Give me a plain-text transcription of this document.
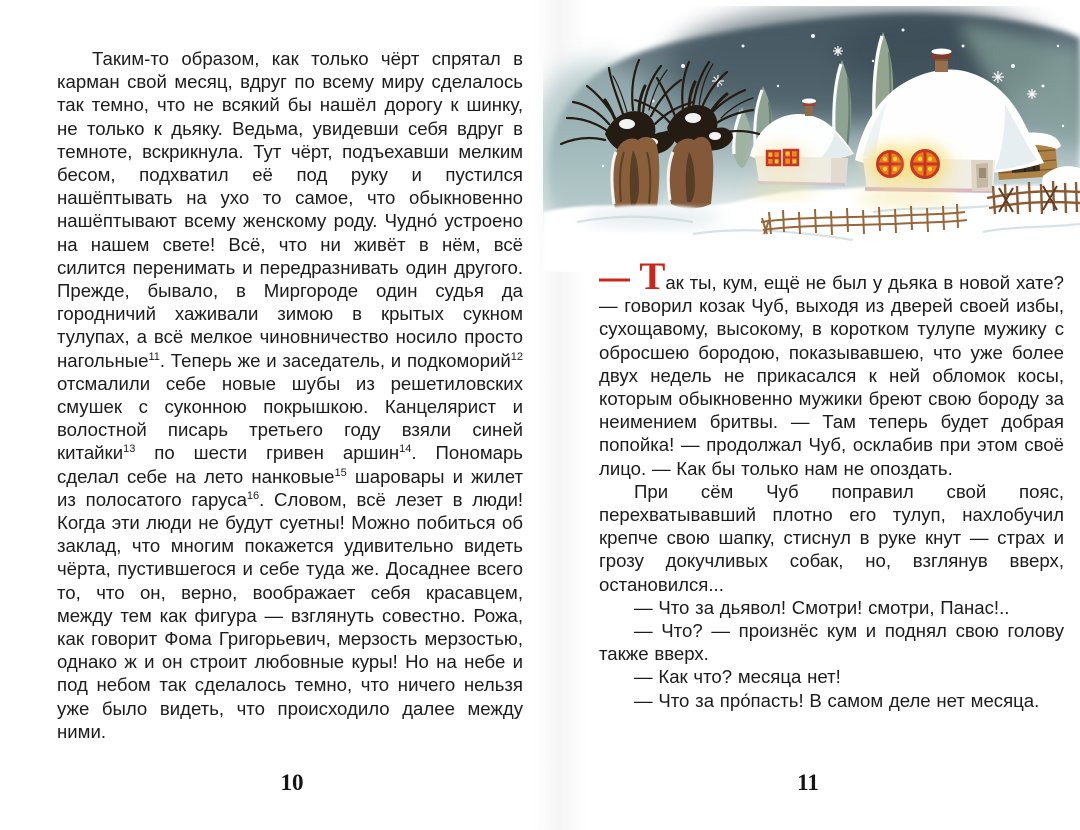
Таким-то образом, как только чёрт спрятал в карман свой месяц, вдруг по всему миру сделалось так темно, что не всякий бы нашёл дорогу к шинку, не только к дьяку. Ведьма, увидевши себя вдруг в темноте, вскрикнула. Тут чёрт, подъехавши мелким бесом, подхватил её под руку и пустился нашёптывать на ухо то самое, что обыкновенно нашёптывают всему женскому роду. Чудно́ устроено на нашем свете! Всё, что ни живёт в нём, всё силится перенимать и передразнивать один другого. Прежде, бывало, в Миргороде один судья да городничий хаживали зимою в крытых сукном тулупах, а всё мелкое чиновничество носило просто нагольные$^{11}$. Теперь же и заседатель, и подкоморий$^{12}$ отсмалили себе новые шубы из решетиловских смушек с суконною покрышкою. Канцелярист и волостной писарь третьего году взяли синей китайки$^{13}$ по шести гривен аршин$^{14}$. Пономарь сделал себе на лето нанковые$^{15}$ шаровары и жилет из полосатого гаруса$^{16}$. Словом, всё лезет в люди! Когда эти люди не будут суетны! Можно побиться об заклад, что многим покажется удивительно видеть чёрта, пустившегося и себе туда же. Досаднее всего то, что он, верно, воображает себя красавцем, между тем как фигура — взглянуть совестно. Рожа, как говорит Фома Григорьевич, мерзость мерзостью, однако ж и он строит любовные куры! Но на небе и под небом так сделалось темно, что ничего нельзя уже было видеть, что происходило далее между ними.

10

— Так ты, кум, ещё не был у дьяка в новой хате? — говорил козак Чуб, выходя из дверей своей избы, сухощавому, высокому, в коротком тулупе мужику с обросшею бородою, показывавшею, что уже более двух недель не прикасался к ней обломок косы, которым обыкновенно мужики бреют свою бороду за неимением бритвы. — Там теперь будет добрая попойка! — продолжал Чуб, осклабив при этом своё лицо. — Как бы только нам не опоздать.

При сём Чуб поправил свой пояс, перехватывавший плотно его тулуп, нахлобучил крепче свою шапку, стиснул в руке кнут — страх и грозу докучливых собак, но, взглянув вверх, остановился...

— Что за дьявол! Смотри! смотри, Панас!..

— Что? — произнёс кум и поднял свою голову также вверх.

— Как что? месяца нет!

— Что за про́пасть! В самом деле нет месяца.

11
